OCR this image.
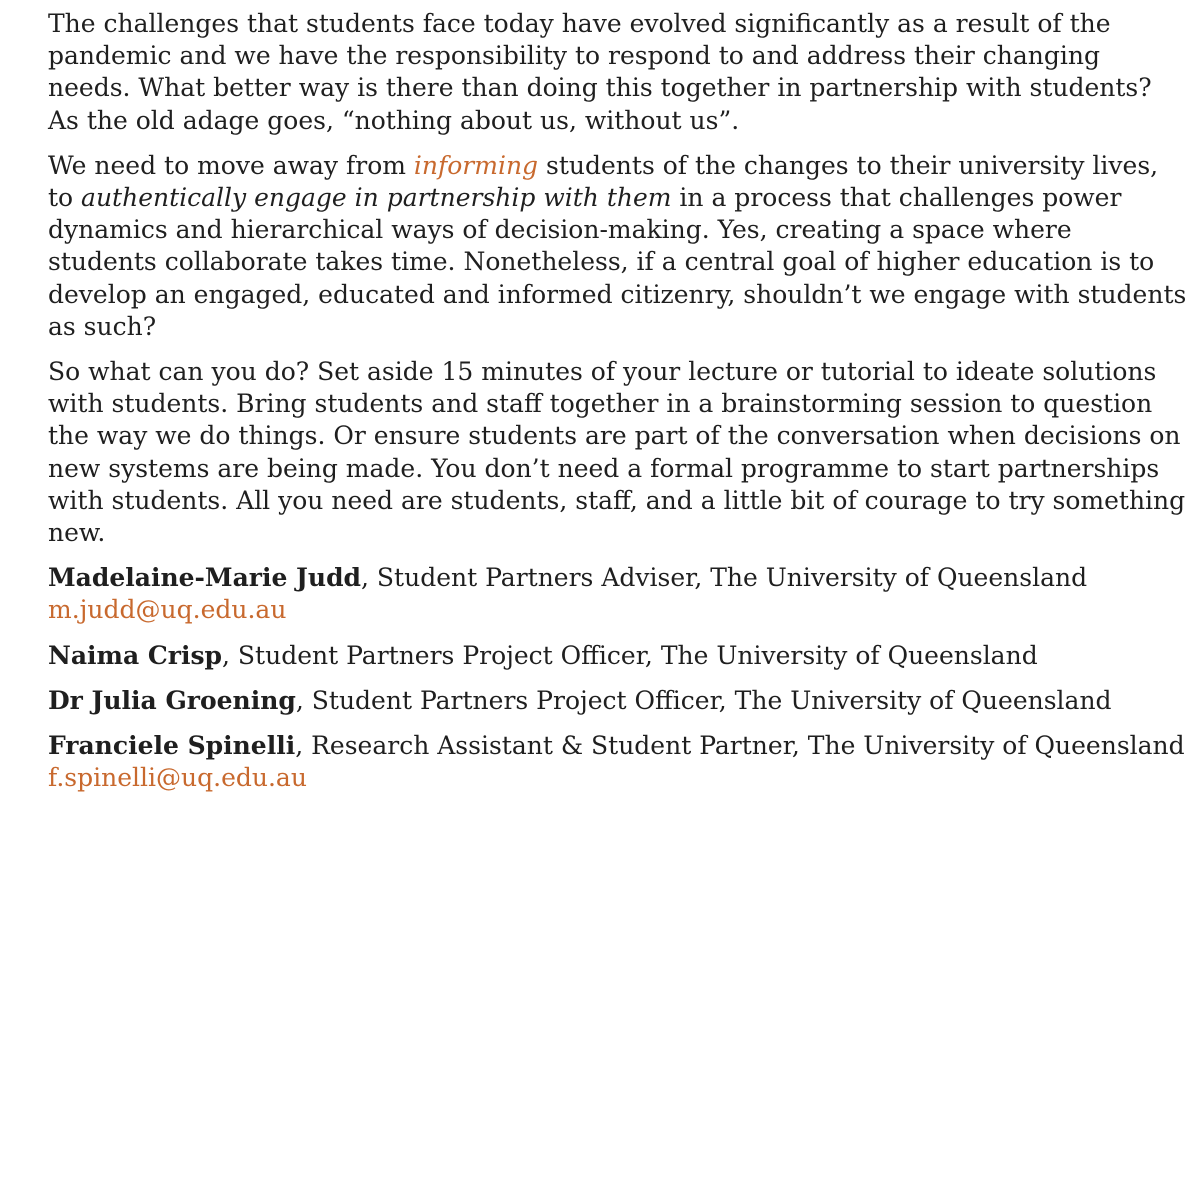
The challenges that students face today have evolved significantly as a result of the pandemic and we have the responsibility to respond to and address their changing needs. What better way is there than doing this together in partnership with students? As the old adage goes, “nothing about us, without us”.

We need to move away from informing students of the changes to their university lives, to authentically engage in partnership with them in a process that challenges power dynamics and hierarchical ways of decision-making. Yes, creating a space where students collaborate takes time. Nonetheless, if a central goal of higher education is to develop an engaged, educated and informed citizenry, shouldn’t we engage with students as such?

So what can you do? Set aside 15 minutes of your lecture or tutorial to ideate solutions with students. Bring students and staff together in a brainstorming session to question the way we do things. Or ensure students are part of the conversation when decisions on new systems are being made. You don’t need a formal programme to start partnerships with students. All you need are students, staff, and a little bit of courage to try something new.

Madelaine-Marie Judd, Student Partners Adviser, The University of Queensland m.judd@uq.edu.au

Naima Crisp, Student Partners Project Officer, The University of Queensland

Dr Julia Groening, Student Partners Project Officer, The University of Queensland

Franciele Spinelli, Research Assistant & Student Partner, The University of Queensland f.spinelli@uq.edu.au
